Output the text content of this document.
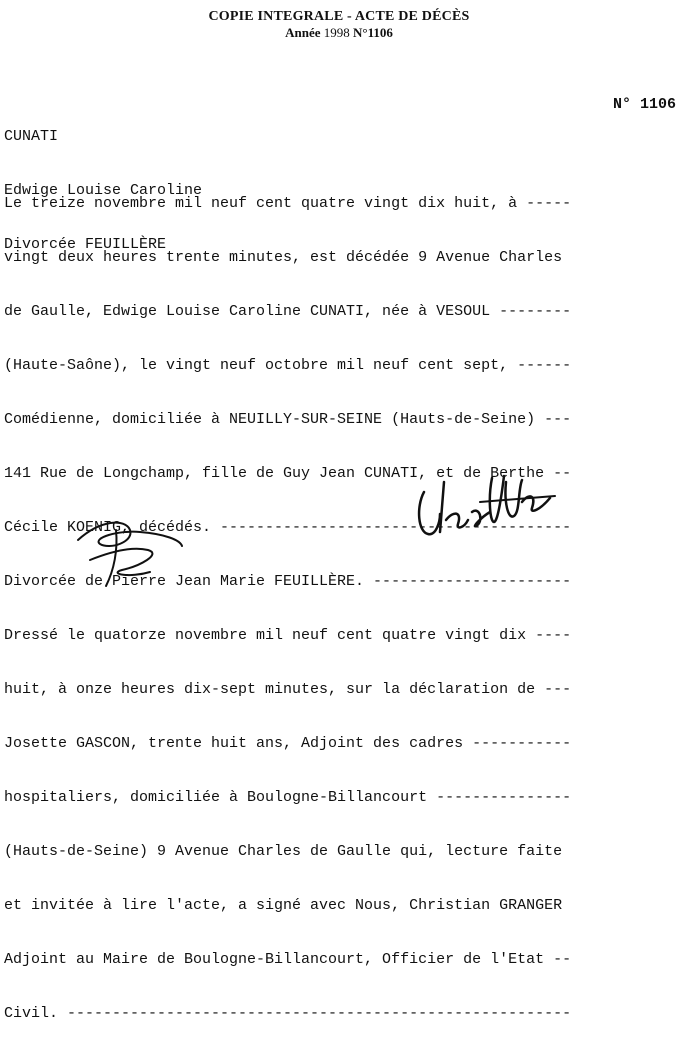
COPIE INTEGRALE - ACTE DE DÉCÈS
Année 1998 N°1106

CUNATI

Edwige Louise Caroline

Divorcée FEUILLÈRE

N° 1106

Le treize novembre mil neuf cent quatre vingt dix huit, à -----

vingt deux heures trente minutes, est décédée 9 Avenue Charles

de Gaulle, Edwige Louise Caroline CUNATI, née à VESOUL --------

(Haute-Saône), le vingt neuf octobre mil neuf cent sept, ------

Comédienne, domiciliée à NEUILLY-SUR-SEINE (Hauts-de-Seine) ---

141 Rue de Longchamp, fille de Guy Jean CUNATI, et de Berthe --

Cécile KOENIG, décédés. ---------------------------------------

Divorcée de Pierre Jean Marie FEUILLÈRE. ----------------------

Dressé le quatorze novembre mil neuf cent quatre vingt dix ----

huit, à onze heures dix-sept minutes, sur la déclaration de ---

Josette GASCON, trente huit ans, Adjoint des cadres -----------

hospitaliers, domiciliée à Boulogne-Billancourt ---------------

(Hauts-de-Seine) 9 Avenue Charles de Gaulle qui, lecture faite

et invitée à lire l'acte, a signé avec Nous, Christian GRANGER

Adjoint au Maire de Boulogne-Billancourt, Officier de l'Etat --

Civil. --------------------------------------------------------
